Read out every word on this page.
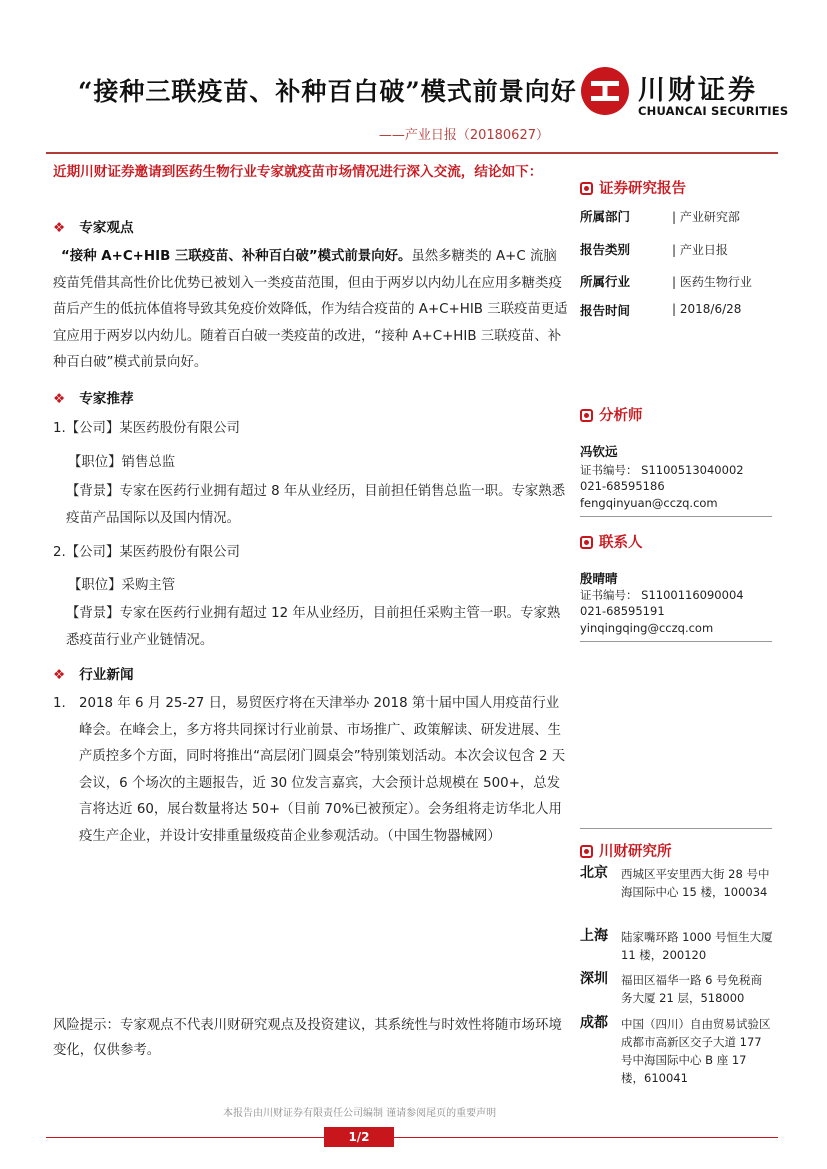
“接种三联疫苗、补种百白破”模式前景向好
——产业日报（20180627）
川财证券
CHUANCAI SECURITIES
近期川财证券邀请到医药生物行业专家就疫苗市场情况进行深入交流，结论如下：
❖ 专家观点
“接种 A+C+HIB 三联疫苗、补种百白破”模式前景向好。虽然多糖类的 A+C 流脑疫苗凭借其高性价比优势已被划入一类疫苗范围，但由于两岁以内幼儿在应用多糖类疫苗后产生的低抗体值将导致其免疫价效降低，作为结合疫苗的 A+C+HIB 三联疫苗更适宜应用于两岁以内幼儿。随着百白破一类疫苗的改进，“接种 A+C+HIB 三联疫苗、补种百白破”模式前景向好。
❖ 专家推荐
1.【公司】某医药股份有限公司
【职位】销售总监
【背景】专家在医药行业拥有超过 8 年从业经历，目前担任销售总监一职。专家熟悉疫苗产品国际以及国内情况。
2.【公司】某医药股份有限公司
【职位】采购主管
【背景】专家在医药行业拥有超过 12 年从业经历，目前担任采购主管一职。专家熟悉疫苗行业产业链情况。
❖ 行业新闻
1. 2018 年 6 月 25-27 日，易贸医疗将在天津举办 2018 第十届中国人用疫苗行业峰会。在峰会上，多方将共同探讨行业前景、市场推广、政策解读、研发进展、生产质控多个方面，同时将推出“高层闭门圆桌会”特别策划活动。本次会议包含 2 天会议，6 个场次的主题报告，近 30 位发言嘉宾，大会预计总规模在 500+，总发言将达近 60，展台数量将达 50+（目前 70%已被预定）。会务组将走访华北人用疫生产企业，并设计安排重量级疫苗企业参观活动。（中国生物器械网）
风险提示：专家观点不代表川财研究观点及投资建议，其系统性与时效性将随市场环境变化，仅供参考。
证券研究报告
所属部门	| 产业研究部
报告类别	| 产业日报
所属行业	| 医药生物行业
报告时间	| 2018/6/28
分析师
冯钦远
证书编号： S1100513040002
021-68595186
fengqinyuan@cczq.com
联系人
殷晴晴
证书编号： S1100116090004
021-68595191
yinqingqing@cczq.com
川财研究所
北京 西城区平安里西大街 28 号中海国际中心 15 楼，100034
上海 陆家嘴环路 1000 号恒生大厦 11 楼，200120
深圳 福田区福华一路 6 号免税商务大厦 21 层，518000
成都 中国（四川）自由贸易试验区成都市高新区交子大道 177 号中海国际中心 B 座 17 楼，610041
本报告由川财证券有限责任公司编制 谨请参阅尾页的重要声明
1/2
